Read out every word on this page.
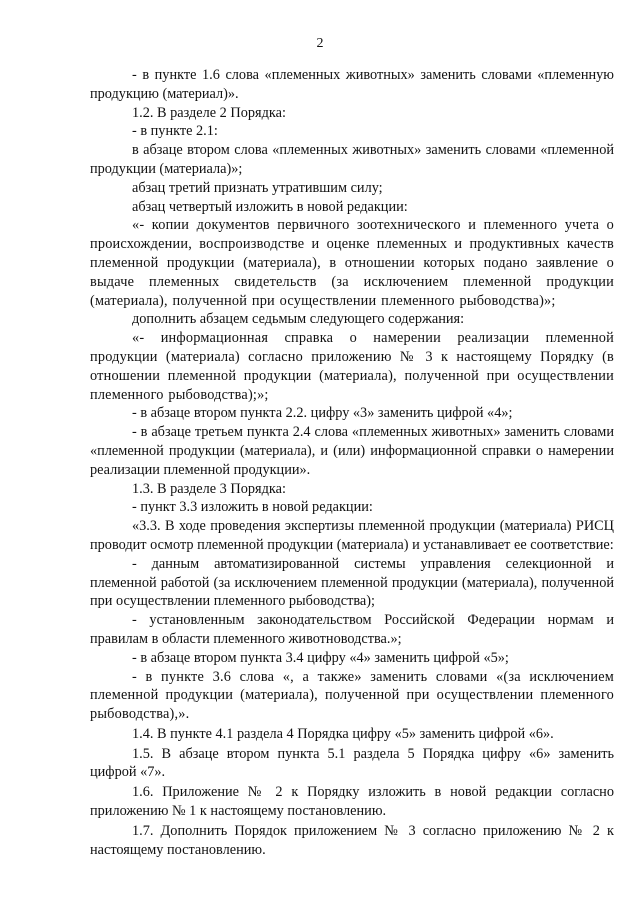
2

- в пункте 1.6 слова «племенных животных» заменить словами «племенную продукцию (материал)».

1.2. В разделе 2 Порядка:

- в пункте 2.1:

в абзаце втором слова «племенных животных» заменить словами «племенной продукции (материала)»;

абзац третий признать утратившим силу;

абзац четвертый изложить в новой редакции:

«- копии документов первичного зоотехнического и племенного учета о происхождении, воспроизводстве и оценке племенных и продуктивных качеств племенной продукции (материала), в отношении которых подано заявление о выдаче племенных свидетельств (за исключением племенной продукции (материала), полученной при осуществлении племенного рыбоводства)»;

дополнить абзацем седьмым следующего содержания:

«- информационная справка о намерении реализации племенной продукции (материала) согласно приложению № 3 к настоящему Порядку (в отношении племенной продукции (материала), полученной при осуществлении племенного рыбоводства);»;

- в абзаце втором пункта 2.2. цифру «3» заменить цифрой «4»;

- в абзаце третьем пункта 2.4 слова «племенных животных» заменить словами «племенной продукции (материала), и (или) информационной справки о намерении реализации племенной продукции».

1.3. В разделе 3 Порядка:

- пункт 3.3 изложить в новой редакции:

«3.3. В ходе проведения экспертизы племенной продукции (материала) РИСЦ проводит осмотр племенной продукции (материала) и устанавливает ее соответствие:

- данным автоматизированной системы управления селекционной и племенной работой (за исключением племенной продукции (материала), полученной при осуществлении племенного рыбоводства);

- установленным законодательством Российской Федерации нормам и правилам в области племенного животноводства.»;

- в абзаце втором пункта 3.4 цифру «4» заменить цифрой «5»;

- в пункте 3.6 слова «, а также» заменить словами «(за исключением племенной продукции (материала), полученной при осуществлении племенного рыбоводства),».

1.4. В пункте 4.1 раздела 4 Порядка цифру «5» заменить цифрой «6».

1.5. В абзаце втором пункта 5.1 раздела 5 Порядка цифру «6» заменить цифрой «7».

1.6. Приложение № 2 к Порядку изложить в новой редакции согласно приложению № 1 к настоящему постановлению.

1.7. Дополнить Порядок приложением № 3 согласно приложению № 2 к настоящему постановлению.
